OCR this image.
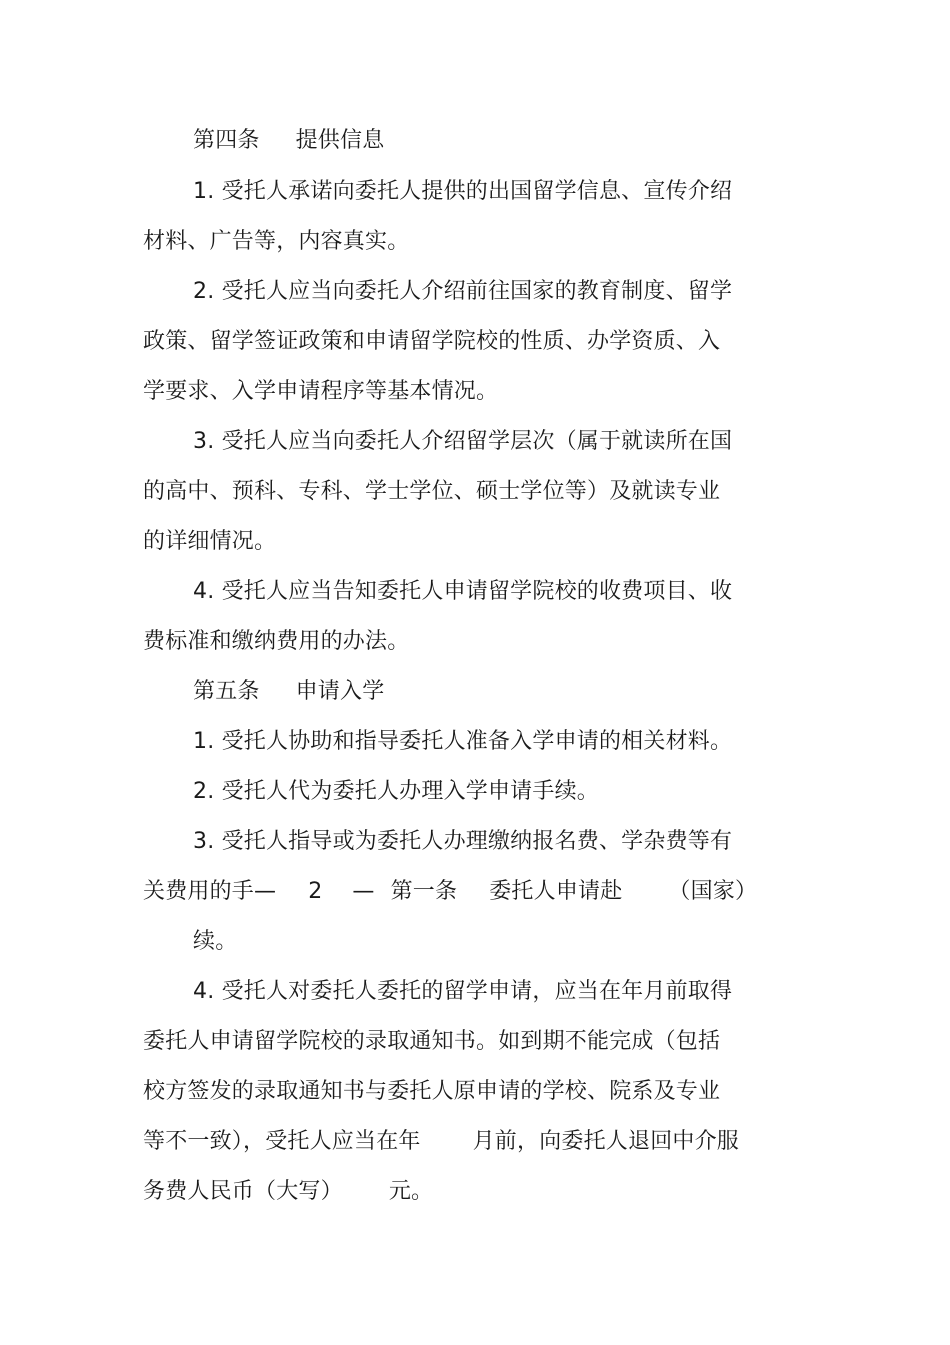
第四条 提供信息
1. 受托人承诺向委托人提供的出国留学信息、宣传介绍
材料、广告等，内容真实。
2. 受托人应当向委托人介绍前往国家的教育制度、留学
政策、留学签证政策和申请留学院校的性质、办学资质、入
学要求、入学申请程序等基本情况。
3. 受托人应当向委托人介绍留学层次（属于就读所在国
的高中、预科、专科、学士学位、硕士学位等）及就读专业
的详细情况。
4. 受托人应当告知委托人申请留学院校的收费项目、收
费标准和缴纳费用的办法。
第五条 申请入学
1. 受托人协助和指导委托人准备入学申请的相关材料。
2. 受托人代为委托人办理入学申请手续。
3. 受托人指导或为委托人办理缴纳报名费、学杂费等有
关费用的手— 2 — 第一条 委托人申请赴 （国家）
续。
4. 受托人对委托人委托的留学申请，应当在年月前取得
委托人申请留学院校的录取通知书。如到期不能完成（包括
校方签发的录取通知书与委托人原申请的学校、院系及专业
等不一致），受托人应当在年 月前，向委托人退回中介服
务费人民币（大写） 元。
